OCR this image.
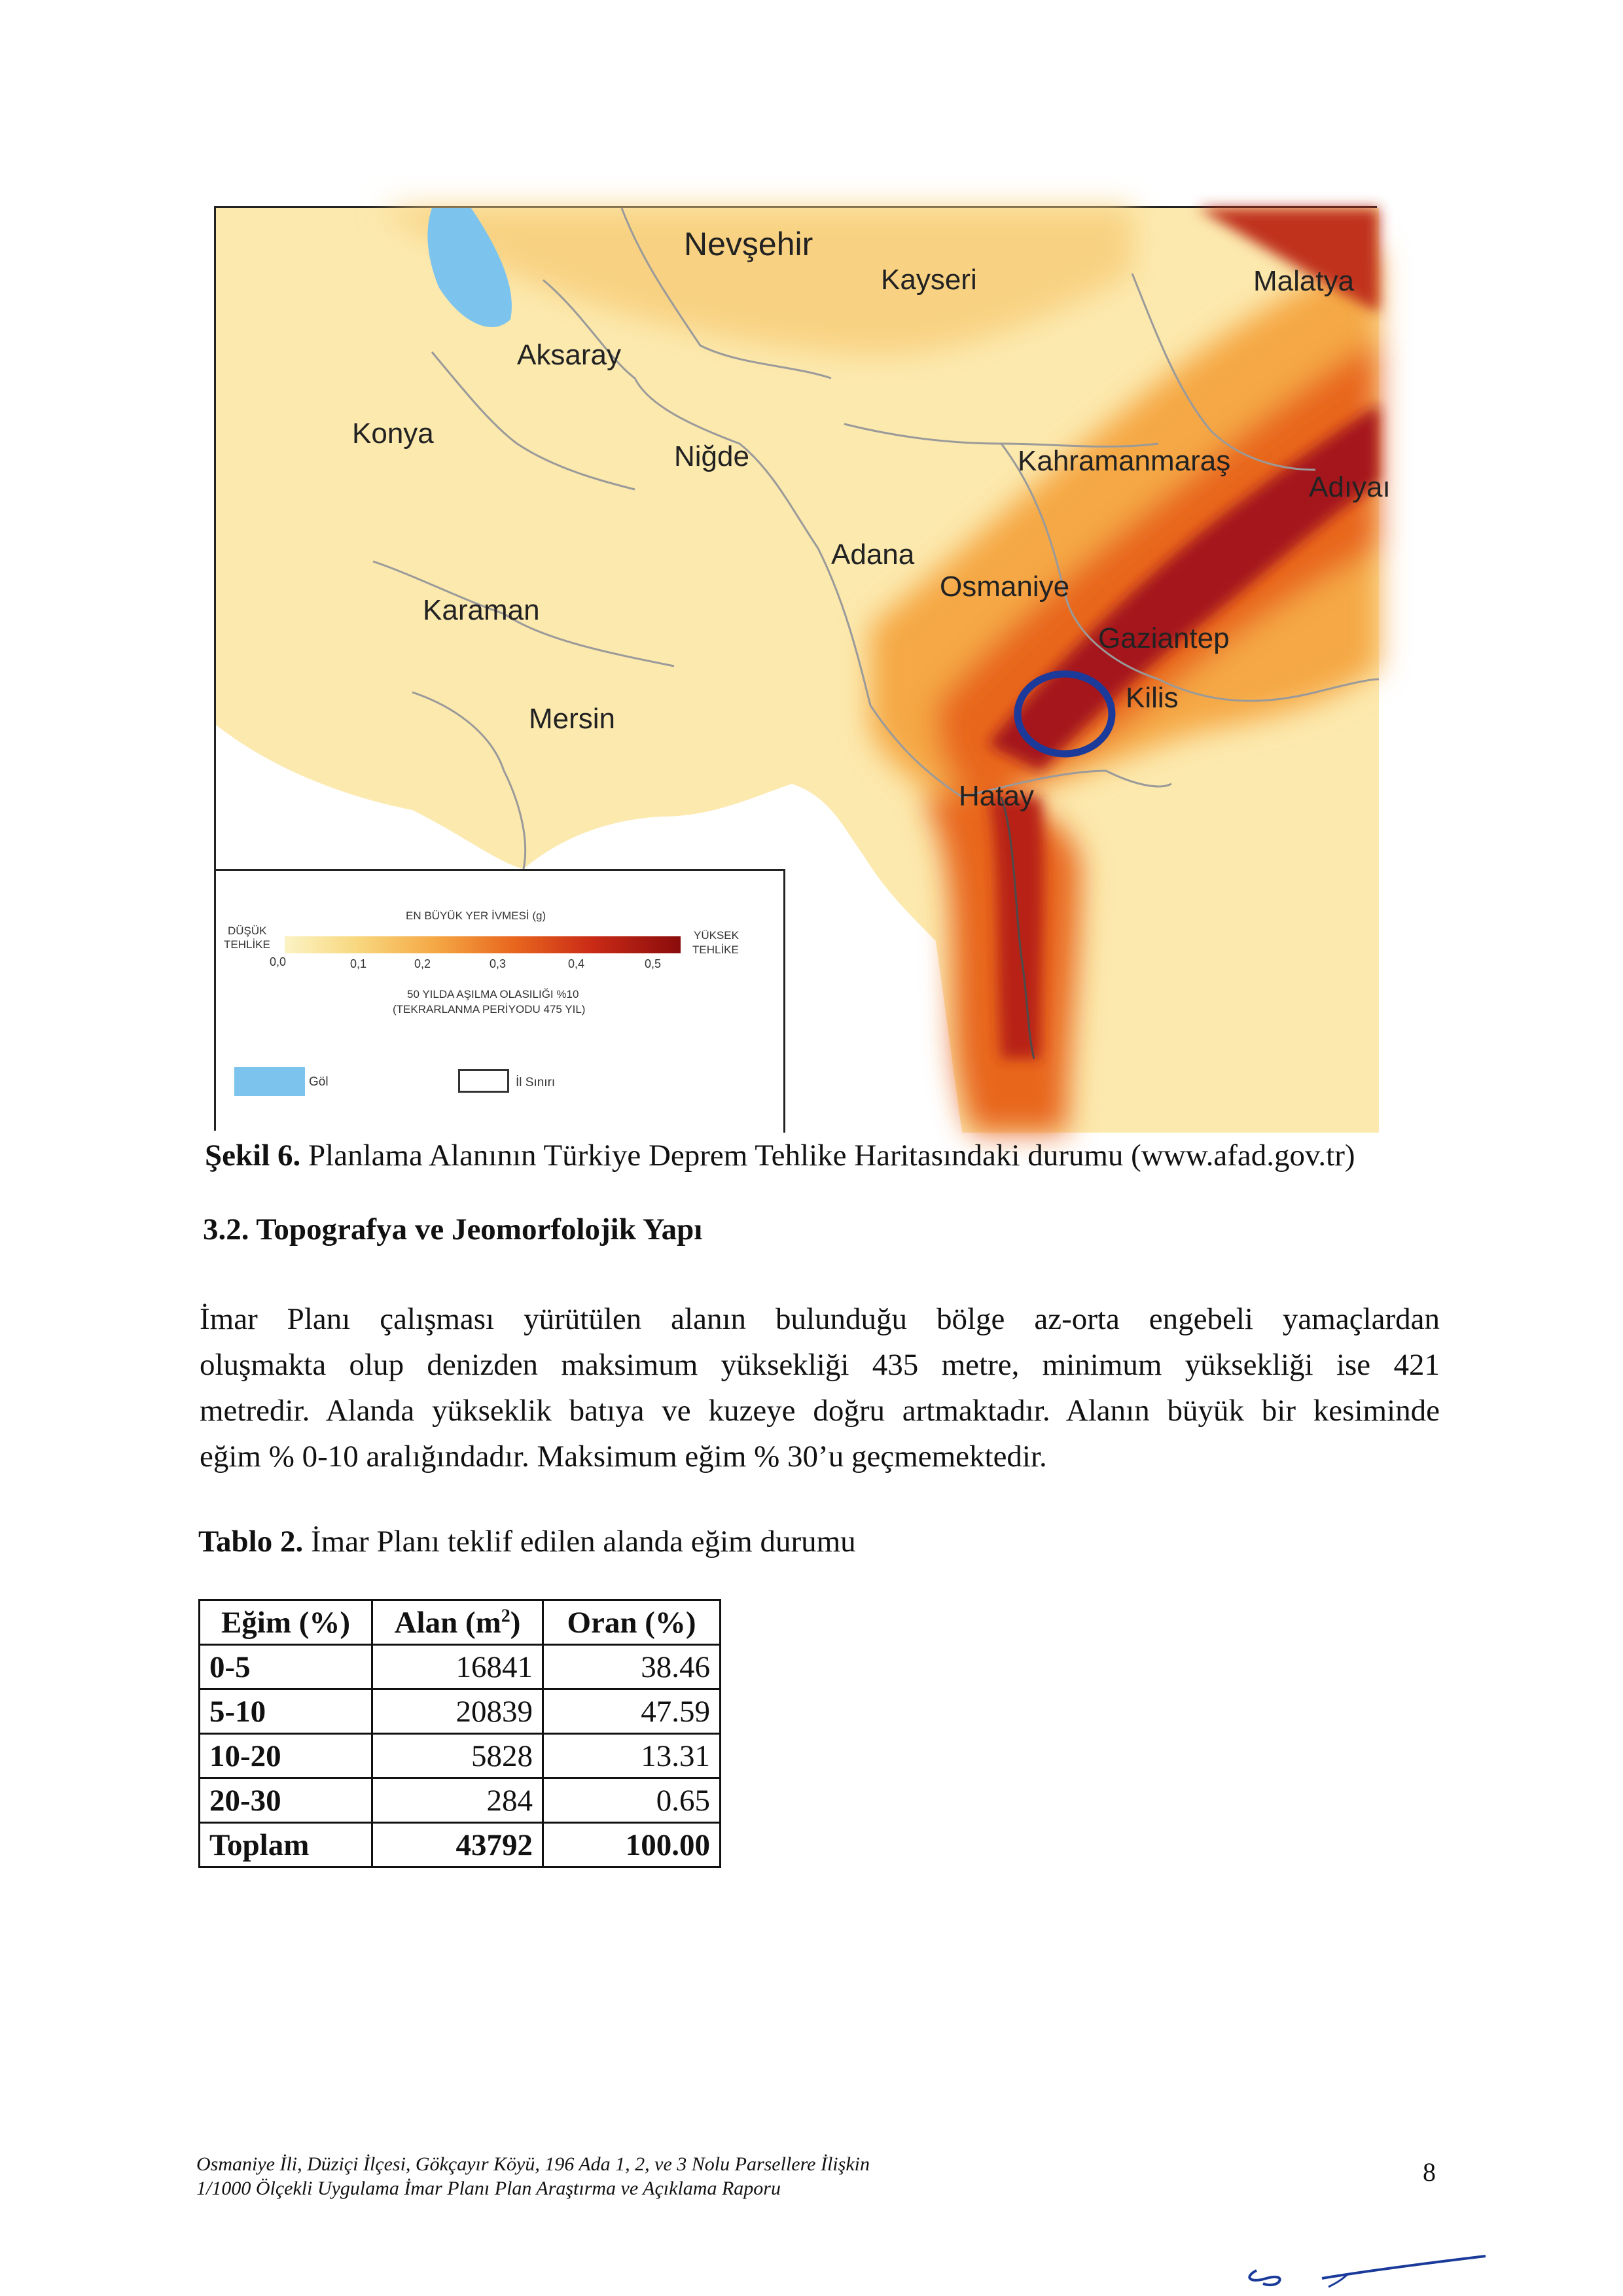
Nevşehir
Kayseri	Malatya
Aksaray
Konya
Niğde	Kahramanmaraş
Adıyaı
Adana
Osmaniye
Karaman
Gaziantep
Kilis
Mersin
Hatay
EN BÜYÜK YER İVMESİ (g)
DÜŞÜK
TEHLİKE
YÜKSEK
TEHLİKE
0,0	0,1	0,2	0,3	0,4	0,5
50 YILDA AŞILMA OLASILIĞI %10
(TEKRARLANMA PERİYODU 475 YIL)
Göl	İl Sınırı
Şekil 6. Planlama Alanının Türkiye Deprem Tehlike Haritasındaki durumu (www.afad.gov.tr)
3.2. Topografya ve Jeomorfolojik Yapı
İmar Planı çalışması yürütülen alanın bulunduğu bölge az-orta engebeli yamaçlardan
oluşmakta olup denizden maksimum yüksekliği 435 metre, minimum yüksekliği ise 421
metredir. Alanda yükseklik batıya ve kuzeye doğru artmaktadır. Alanın büyük bir kesiminde
eğim % 0-10 aralığındadır. Maksimum eğim % 30’u geçmemektedir.
Tablo 2. İmar Planı teklif edilen alanda eğim durumu
Eğim (%)	Alan $(m^2)$	Oran (%)
0-5	16841	38.46
5-10	20839	47.59
10-20	5828	13.31
20-30	284	0.65
Toplam	43792	100.00
Osmaniye İli, Düziçi İlçesi, Gökçayır Köyü, 196 Ada 1, 2, ve 3 Nolu Parsellere İlişkin
1/1000 Ölçekli Uygulama İmar Planı Plan Araştırma ve Açıklama Raporu
8
